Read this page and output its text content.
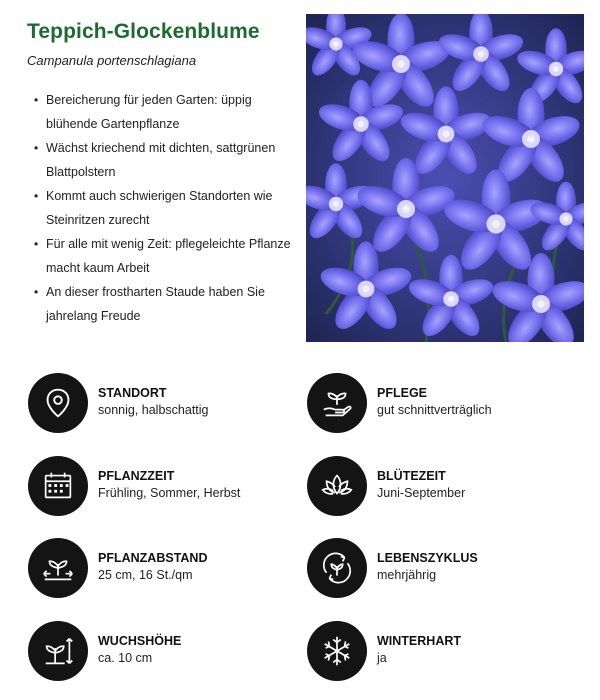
Teppich-Glockenblume
Campanula portenschlagiana
• Bereicherung für jeden Garten: üppig blühende Gartenpflanze
• Wächst kriechend mit dichten, sattgrünen Blattpolstern
• Kommt auch schwierigen Standorten wie Steinritzen zurecht
• Für alle mit wenig Zeit: pflegeleichte Pflanze macht kaum Arbeit
• An dieser frostharten Staude haben Sie jahrelang Freude
STANDORT
sonnig, halbschattig
PFLEGE
gut schnittverträglich
PFLANZZEIT
Frühling, Sommer, Herbst
BLÜTEZEIT
Juni-September
PFLANZABSTAND
25 cm, 16 St./qm
LEBENSZYKLUS
mehrjährig
WUCHSHÖHE
ca. 10 cm
WINTERHART
ja
